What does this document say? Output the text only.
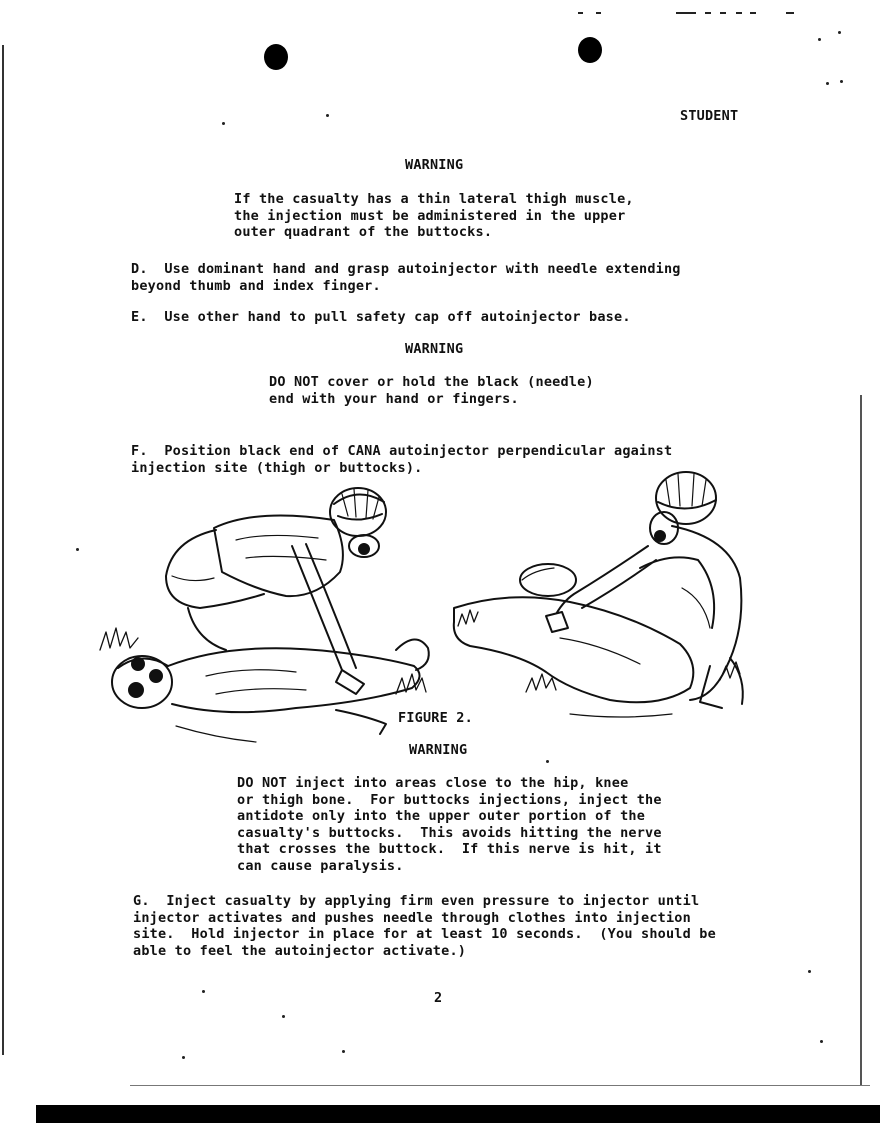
STUDENT
WARNING
If the casualty has a thin lateral thigh muscle,
the injection must be administered in the upper
outer quadrant of the buttocks.
D. Use dominant hand and grasp autoinjector with needle extending
beyond thumb and index finger.
E. Use other hand to pull safety cap off autoinjector base.
WARNING
DO NOT cover or hold the black (needle)
end with your hand or fingers.
F. Position black end of CANA autoinjector perpendicular against
injection site (thigh or buttocks).
FIGURE 2.
WARNING
DO NOT inject into areas close to the hip, knee
or thigh bone.  For buttocks injections, inject the
antidote only into the upper outer portion of the
casualty's buttocks.  This avoids hitting the nerve
that crosses the buttock.  If this nerve is hit, it
can cause paralysis.
G. Inject casualty by applying firm even pressure to injector until
injector activates and pushes needle through clothes into injection
site.  Hold injector in place for at least 10 seconds.  (You should be
able to feel the autoinjector activate.)
2
